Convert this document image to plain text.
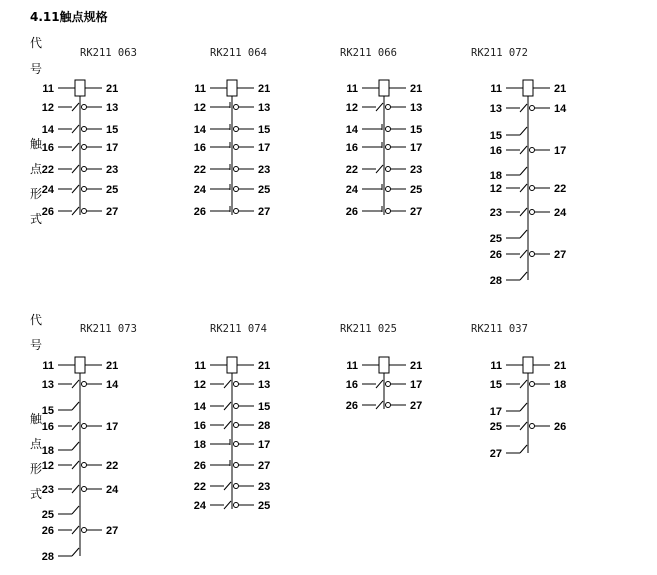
4.11触点规格
代
号
触
点
形
式
代
号
触
点
形
式
RK211 063	RK211 064	RK211 066	RK211 072
RK211 073	RK211 074	RK211 025	RK211 037
11	21
12	13
14	15
16	17
22	23
24	25
26	27
11	21
12	13
14	15
16	17
22	23
24	25
26	27
11	21
12	13
14	15
16	17
22	23
24	25
26	27
11	21
13	14
15
16	17
18
12	22
23	24
25
26	27
28
11	21
13	14
15
16	17
18
12	22
23	24
25
26	27
28
11	21
12	13
14	15
16	28
18	17
26	27
22	23
24	25
11	21
16	17
26	27
11	21
15	18
17
25	26
27
